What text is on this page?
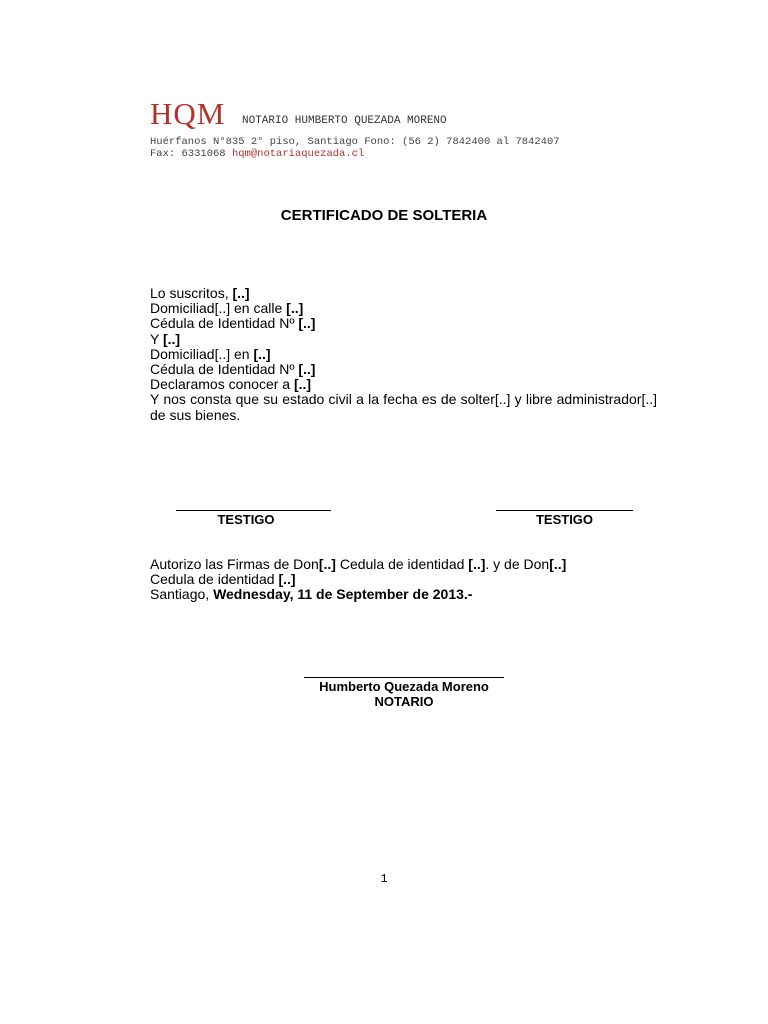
HQM NOTARIO HUMBERTO QUEZADA MORENO
Huérfanos N°835 2° piso, Santiago Fono: (56 2) 7842400 al 7842407
Fax: 6331068 hqm@notariaquezada.cl
CERTIFICADO DE SOLTERIA
Lo suscritos, [..]
Domiciliad[..] en calle [..]
Cédula de Identidad Nº [..]
Y [..]
Domiciliad[..] en [..]
Cédula de Identidad Nº [..]
Declaramos conocer a [..]
Y nos consta que su estado civil a la fecha es de solter[..] y libre administrador[..] de sus bienes.
TESTIGO	TESTIGO
Autorizo las Firmas de Don[..] Cedula de identidad [..]. y de Don[..]
Cedula de identidad [..]
Santiago, Wednesday, 11 de September de 2013.-
Humberto Quezada Moreno
NOTARIO
1
